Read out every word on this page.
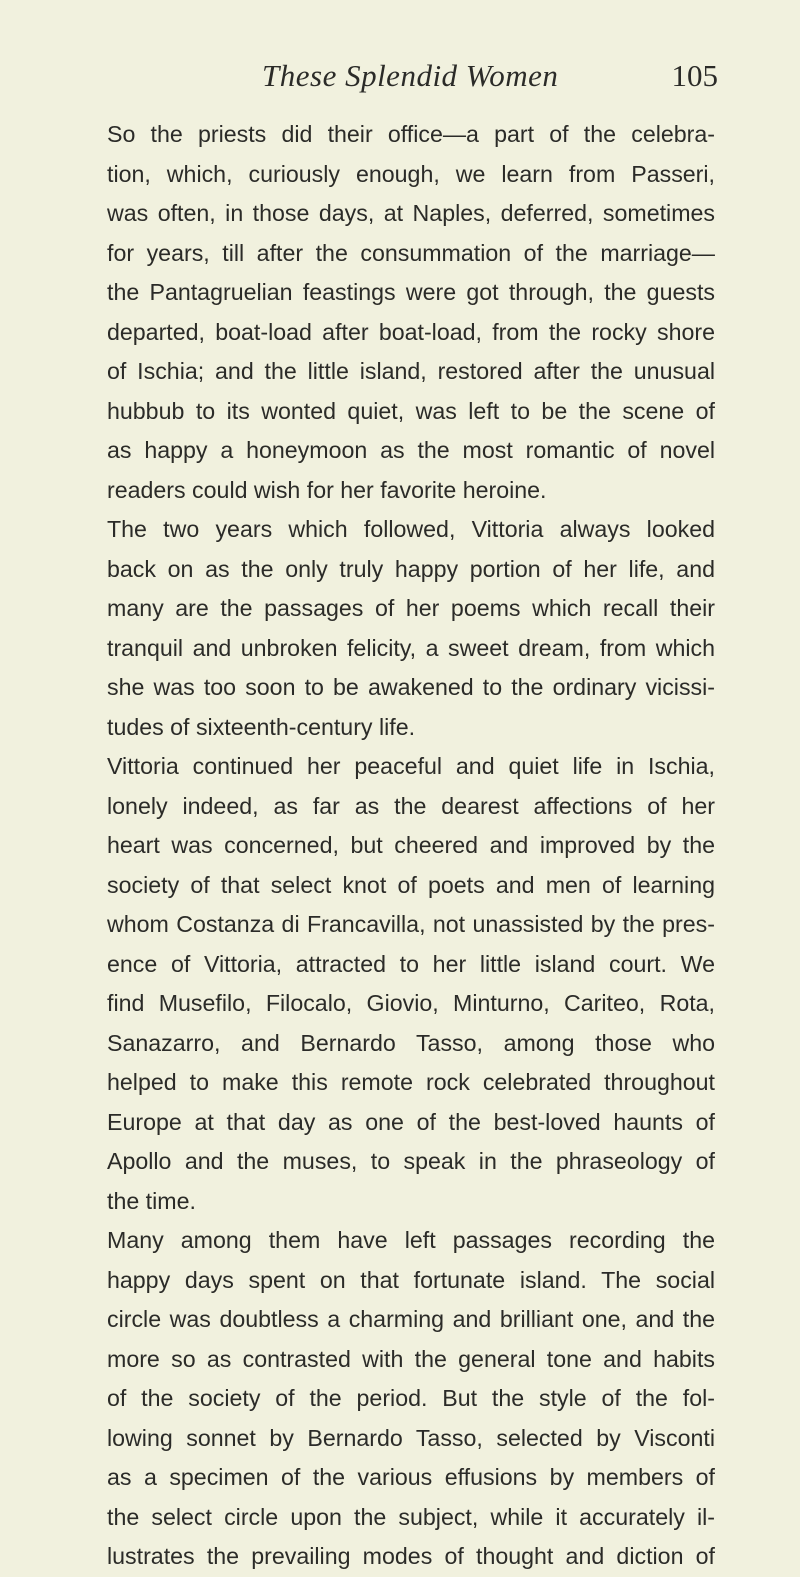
These Splendid Women	105
So the priests did their office—a part of the celebra-
tion, which, curiously enough, we learn from Passeri,
was often, in those days, at Naples, deferred, sometimes
for years, till after the consummation of the marriage—
the Pantagruelian feastings were got through, the guests
departed, boat-load after boat-load, from the rocky shore
of Ischia; and the little island, restored after the unusual
hubbub to its wonted quiet, was left to be the scene of
as happy a honeymoon as the most romantic of novel
readers could wish for her favorite heroine.
The two years which followed, Vittoria always looked
back on as the only truly happy portion of her life, and
many are the passages of her poems which recall their
tranquil and unbroken felicity, a sweet dream, from which
she was too soon to be awakened to the ordinary vicissi-
tudes of sixteenth-century life.
Vittoria continued her peaceful and quiet life in Ischia,
lonely indeed, as far as the dearest affections of her
heart was concerned, but cheered and improved by the
society of that select knot of poets and men of learning
whom Costanza di Francavilla, not unassisted by the pres-
ence of Vittoria, attracted to her little island court. We
find Musefilo, Filocalo, Giovio, Minturno, Cariteo, Rota,
Sanazarro, and Bernardo Tasso, among those who
helped to make this remote rock celebrated throughout
Europe at that day as one of the best-loved haunts of
Apollo and the muses, to speak in the phraseology of
the time.
Many among them have left passages recording the
happy days spent on that fortunate island. The social
circle was doubtless a charming and brilliant one, and the
more so as contrasted with the general tone and habits
of the society of the period. But the style of the fol-
lowing sonnet by Bernardo Tasso, selected by Visconti
as a specimen of the various effusions by members of
the select circle upon the subject, while it accurately il-
lustrates the prevailing modes of thought and diction of
